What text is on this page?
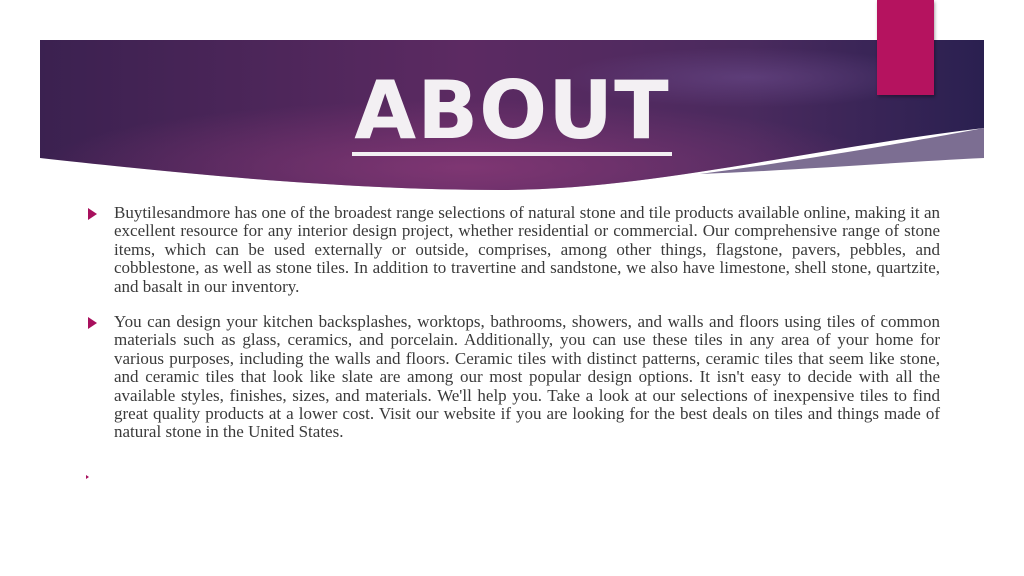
ABOUT

Buytilesandmore has one of the broadest range selections of natural stone and tile products available online, making it an excellent resource for any interior design project, whether residential or commercial. Our comprehensive range of stone items, which can be used externally or outside, comprises, among other things, flagstone, pavers, pebbles, and cobblestone, as well as stone tiles. In addition to travertine and sandstone, we also have limestone, shell stone, quartzite, and basalt in our inventory.

You can design your kitchen backsplashes, worktops, bathrooms, showers, and walls and floors using tiles of common materials such as glass, ceramics, and porcelain. Additionally, you can use these tiles in any area of your home for various purposes, including the walls and floors. Ceramic tiles with distinct patterns, ceramic tiles that seem like stone, and ceramic tiles that look like slate are among our most popular design options. It isn't easy to decide with all the available styles, finishes, sizes, and materials. We'll help you. Take a look at our selections of inexpensive tiles to find great quality products at a lower cost. Visit our website if you are looking for the best deals on tiles and things made of natural stone in the United States.
